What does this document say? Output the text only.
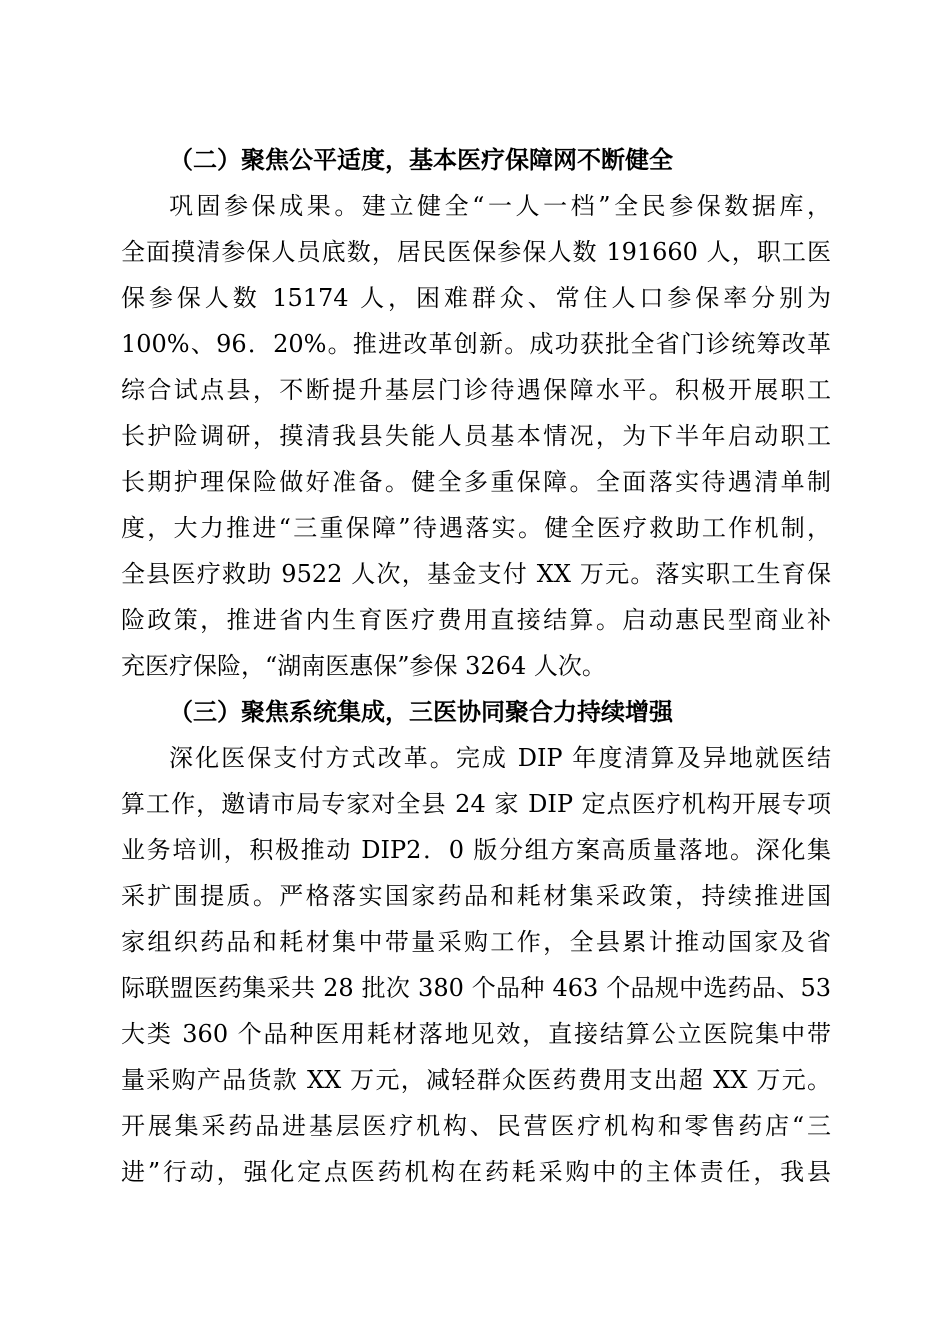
（二）聚焦公平适度，基本医疗保障网不断健全
巩固参保成果。建立健全“一人一档”全民参保数据库，
全面摸清参保人员底数，居民医保参保人数 191660 人，职工医
保参保人数 15174 人，困难群众、常住人口参保率分别为
100%、96．20%。推进改革创新。成功获批全省门诊统筹改革
综合试点县，不断提升基层门诊待遇保障水平。积极开展职工
长护险调研，摸清我县失能人员基本情况，为下半年启动职工
长期护理保险做好准备。健全多重保障。全面落实待遇清单制
度，大力推进“三重保障”待遇落实。健全医疗救助工作机制，
全县医疗救助 9522 人次，基金支付 XX 万元。落实职工生育保
险政策，推进省内生育医疗费用直接结算。启动惠民型商业补
充医疗保险，“湖南医惠保”参保 3264 人次。
（三）聚焦系统集成，三医协同聚合力持续增强
深化医保支付方式改革。完成 DIP 年度清算及异地就医结
算工作，邀请市局专家对全县 24 家 DIP 定点医疗机构开展专项
业务培训，积极推动 DIP2．0 版分组方案高质量落地。深化集
采扩围提质。严格落实国家药品和耗材集采政策，持续推进国
家组织药品和耗材集中带量采购工作，全县累计推动国家及省
际联盟医药集采共 28 批次 380 个品种 463 个品规中选药品、53
大类 360 个品种医用耗材落地见效，直接结算公立医院集中带
量采购产品货款 XX 万元，减轻群众医药费用支出超 XX 万元。
开展集采药品进基层医疗机构、民营医疗机构和零售药店“三
进”行动，强化定点医药机构在药耗采购中的主体责任，我县
